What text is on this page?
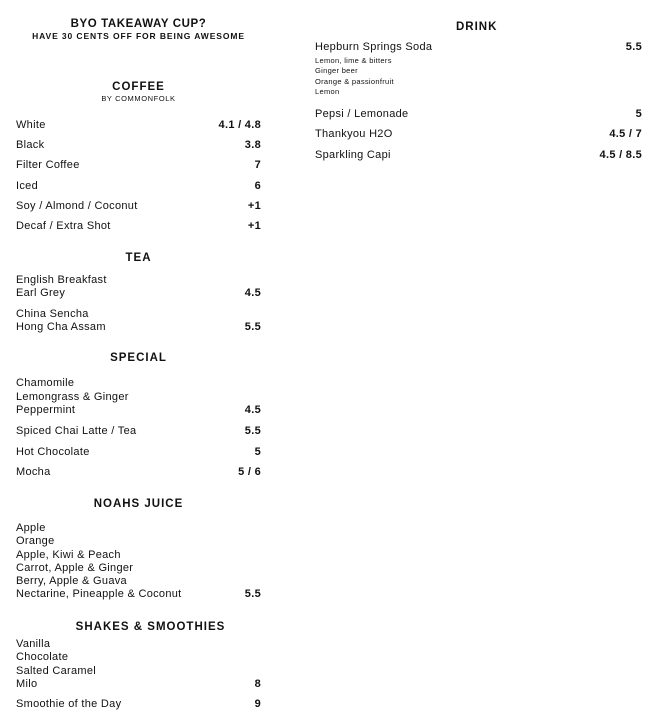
BYO TAKEAWAY CUP?
HAVE 30 CENTS OFF FOR BEING AWESOME
COFFEE
BY COMMONFOLK
White	4.1 / 4.8
Black	3.8
Filter Coffee	7
Iced	6
Soy / Almond / Coconut	+1
Decaf / Extra Shot	+1
TEA
English Breakfast
Earl Grey	4.5
China Sencha
Hong Cha Assam	5.5
SPECIAL
Chamomile
Lemongrass & Ginger
Peppermint	4.5
Spiced Chai Latte / Tea	5.5
Hot Chocolate	5
Mocha	5 / 6
NOAHS JUICE
Apple
Orange
Apple, Kiwi & Peach
Carrot, Apple & Ginger
Berry, Apple & Guava
Nectarine, Pineapple & Coconut	5.5
SHAKES & SMOOTHIES
Vanilla
Chocolate
Salted Caramel
Milo	8
Smoothie of the Day	9
DRINK
Hepburn Springs Soda	5.5
Lemon, lime & bitters
Ginger beer
Orange & passionfruit
Lemon
Pepsi / Lemonade	5
Thankyou H2O	4.5 / 7
Sparkling Capi	4.5 / 8.5
